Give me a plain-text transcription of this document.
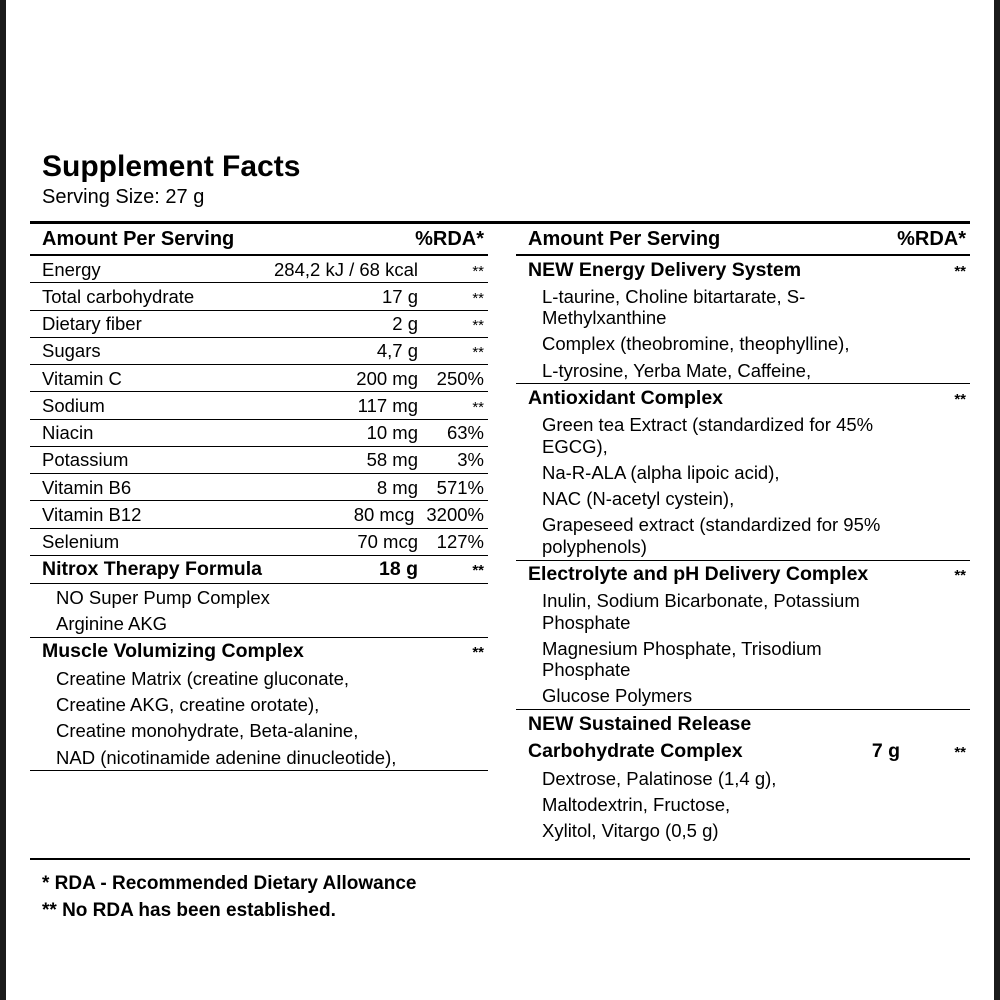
Supplement Facts
Serving Size: 27 g
Amount Per Serving	%RDA*
Energy	284,2 kJ / 68 kcal	**
Total carbohydrate	17 g	**
Dietary fiber	2 g	**
Sugars	4,7 g	**
Vitamin C	200 mg	250%
Sodium	117 mg	**
Niacin	10 mg	63%
Potassium	58 mg	3%
Vitamin B6	8 mg	571%
Vitamin B12	80 mcg 3200%
Selenium	70 mcg	127%
Nitrox Therapy Formula	18 g	**
NO Super Pump Complex
Arginine AKG
Muscle Volumizing Complex	**
Creatine Matrix (creatine gluconate,
Creatine AKG, creatine orotate),
Creatine monohydrate, Beta-alanine,
NAD (nicotinamide adenine dinucleotide),
Amount Per Serving	%RDA*
NEW Energy Delivery System	**
L-taurine, Choline bitartarate, S-Methylxanthine
Complex (theobromine, theophylline),
L-tyrosine, Yerba Mate, Caffeine,
Antioxidant Complex	**
Green tea Extract (standardized for 45% EGCG),
Na-R-ALA (alpha lipoic acid),
NAC (N-acetyl cystein),
Grapeseed extract (standardized for 95% polyphenols)
Electrolyte and pH Delivery Complex	**
Inulin, Sodium Bicarbonate, Potassium Phosphate
Magnesium Phosphate, Trisodium Phosphate
Glucose Polymers
NEW Sustained Release
Carbohydrate Complex	7 g	**
Dextrose, Palatinose (1,4 g),
Maltodextrin, Fructose,
Xylitol, Vitargo (0,5 g)
* RDA - Recommended Dietary Allowance
** No RDA has been established.
